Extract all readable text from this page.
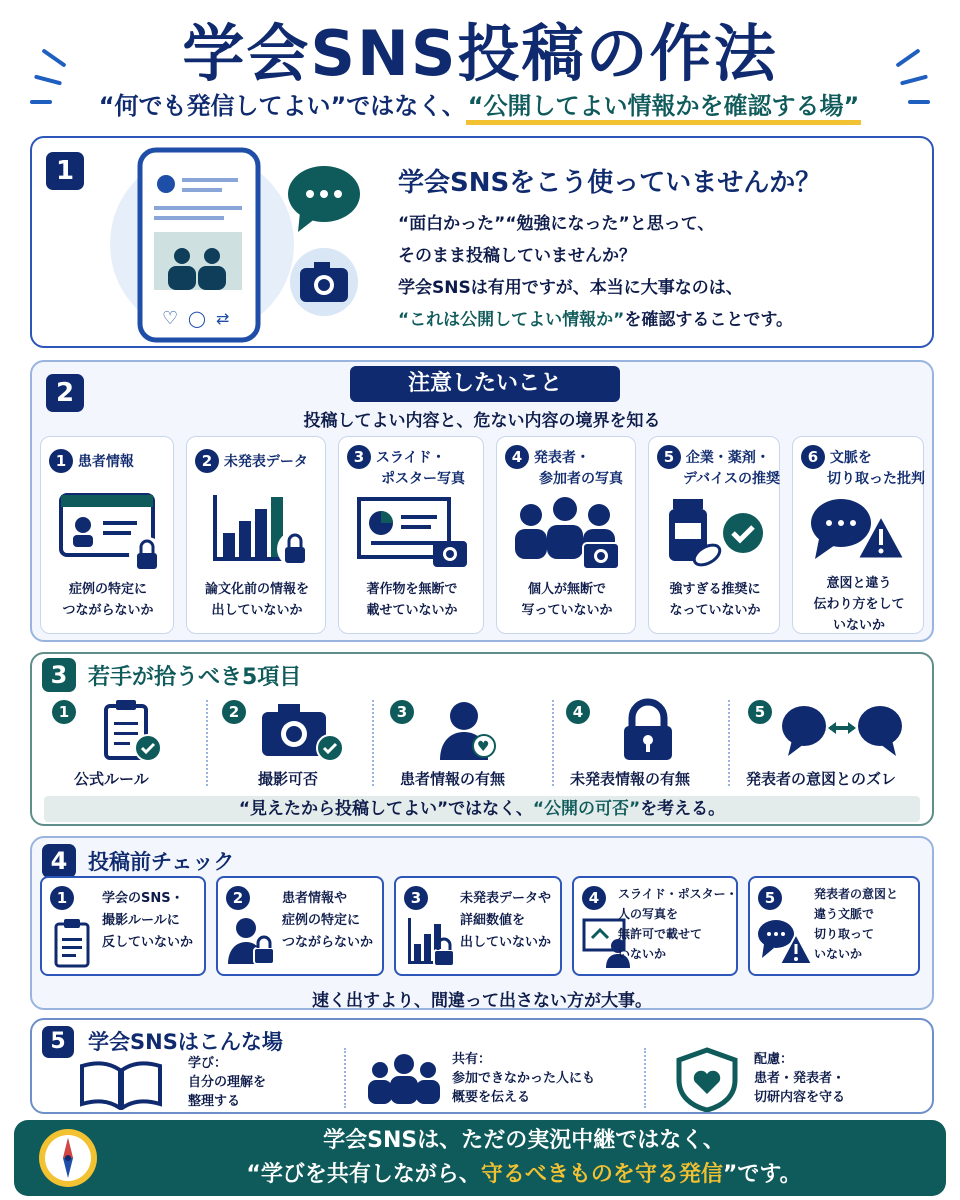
学会SNS投稿の作法
“何でも発信してよい”ではなく、“公開してよい情報かを確認する場”
1
♡ ◯ ⇄
学会SNSをこう使っていませんか？
“面白かった”“勉強になった”と思って、
そのまま投稿していませんか？
学会SNSは有用ですが、本当に大事なのは、
“これは公開してよい情報か”を確認することです。
2	注意したいこと
投稿してよい内容と、危ない内容の境界を知る
1 患者情報
症例の特定に
つながらないか
2 未発表データ
論文化前の情報を
出していないか
3 スライド・
ポスター写真
著作物を無断で
載せていないか
4 発表者・
参加者の写真
個人が無断で
写っていないか
5 企業・薬剤・
デバイスの推奨
強すぎる推奨に
なっていないか
6 文脈を
切り取った批判
意図と違う
伝わり方をして
いないか
3 若手が拾うべき5項目
“見えたから投稿してよい”ではなく、“公開の可否”を考える。
1
公式ルール
2
撮影可否
3
♥
患者情報の有無
4
未発表情報の有無
5
発表者の意図とのズレ
4 投稿前チェック
速く出すより、間違って出さない方が大事。
1	学会のSNS・
撮影ルールに
反していないか
2	患者情報や
症例の特定に
つながらないか
3	未発表データや
詳細数値を
出していないか
4	スライド・ポスター・
人の写真を
無許可で載せて
いないか
5	発表者の意図と
違う文脈で
切り取って
いないか
5	学会SNSはこんな場
学び：
自分の理解を
整理する
共有：
参加できなかった人にも
概要を伝える
配慮：
患者・発表者・
切研内容を守る
学会SNSは、ただの実況中継ではなく、
“学びを共有しながら、守るべきものを守る発信”です。
